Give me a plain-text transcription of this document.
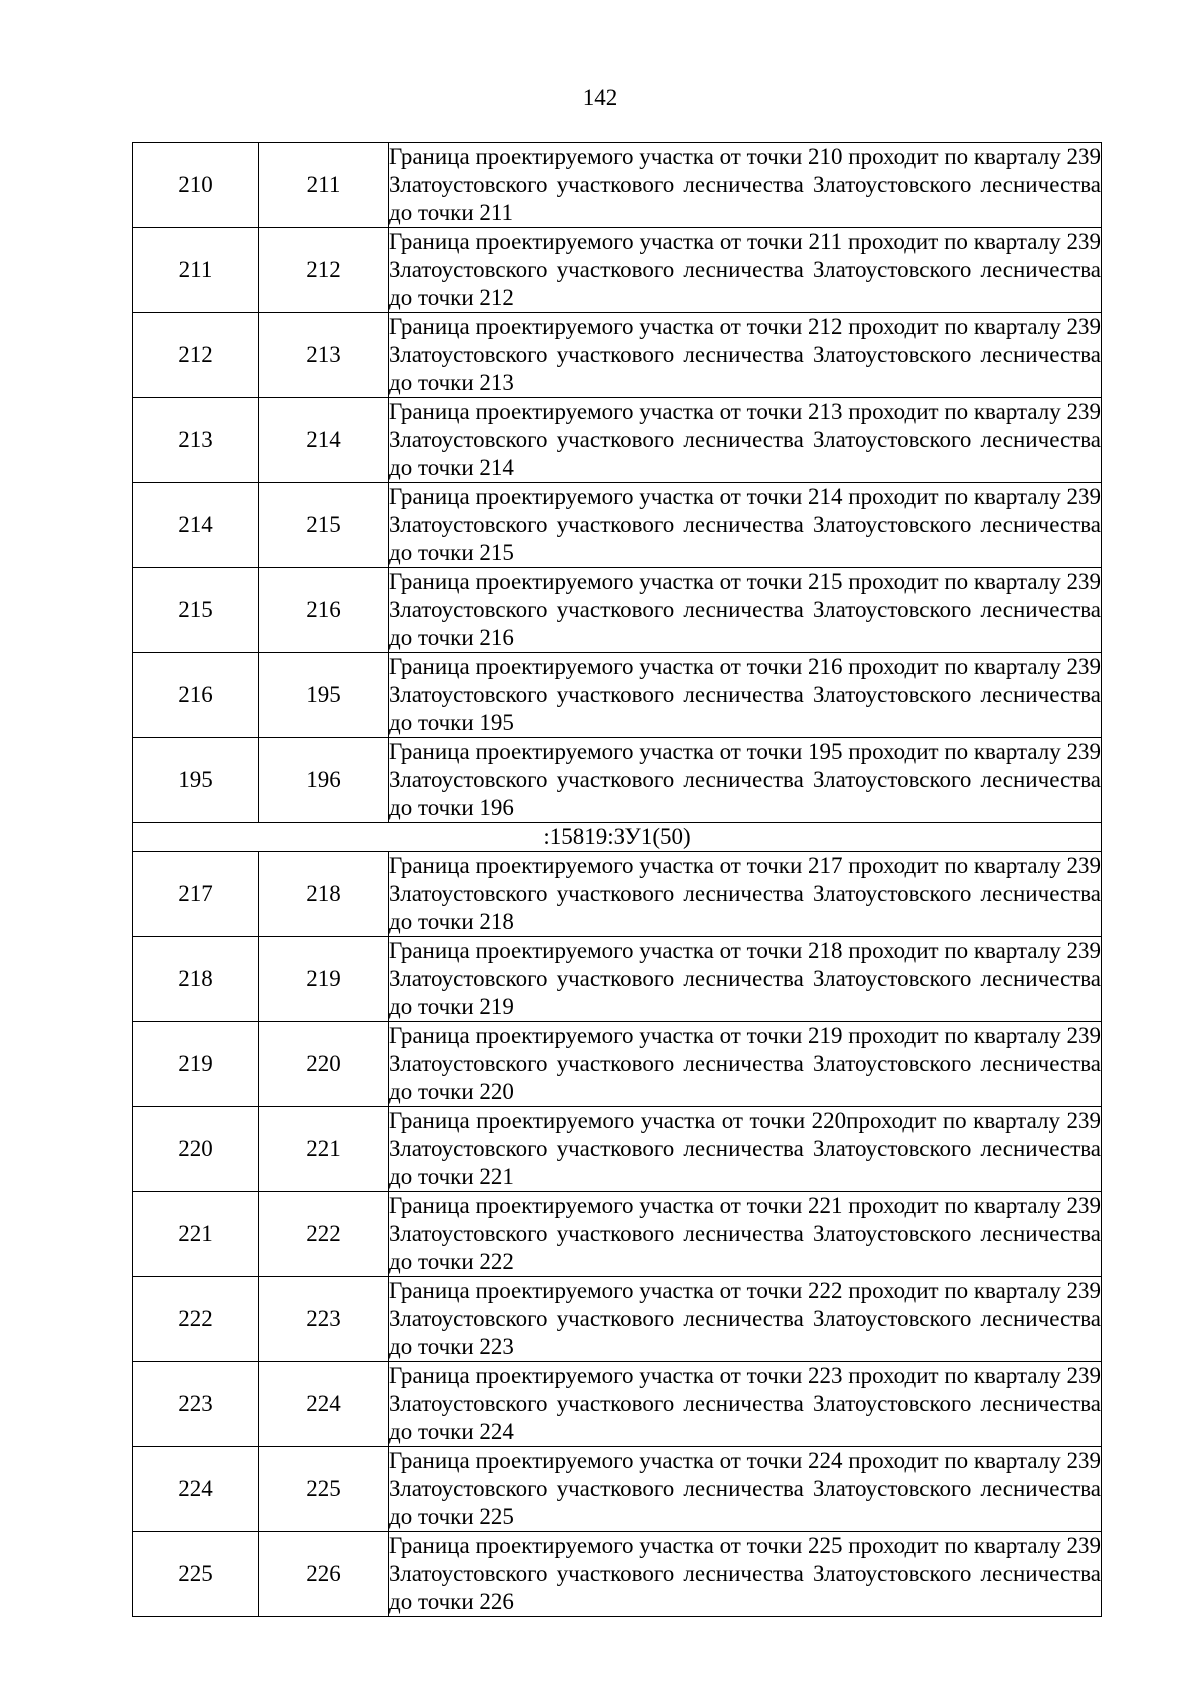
142
210	211	Граница проектируемого участка от точки 210 проходит по кварталу 239 Златоустовского участкового лесничества Златоустовского лесничества до точки 211
211	212	Граница проектируемого участка от точки 211 проходит по кварталу 239 Златоустовского участкового лесничества Златоустовского лесничества до точки 212
212	213	Граница проектируемого участка от точки 212 проходит по кварталу 239 Златоустовского участкового лесничества Златоустовского лесничества до точки 213
213	214	Граница проектируемого участка от точки 213 проходит по кварталу 239 Златоустовского участкового лесничества Златоустовского лесничества до точки 214
214	215	Граница проектируемого участка от точки 214 проходит по кварталу 239 Златоустовского участкового лесничества Златоустовского лесничества до точки 215
215	216	Граница проектируемого участка от точки 215 проходит по кварталу 239 Златоустовского участкового лесничества Златоустовского лесничества до точки 216
216	195	Граница проектируемого участка от точки 216 проходит по кварталу 239 Златоустовского участкового лесничества Златоустовского лесничества до точки 195
195	196	Граница проектируемого участка от точки 195 проходит по кварталу 239 Златоустовского участкового лесничества Златоустовского лесничества до точки 196
:15819:ЗУ1(50)		
217	218	Граница проектируемого участка от точки 217 проходит по кварталу 239 Златоустовского участкового лесничества Златоустовского лесничества до точки 218
218	219	Граница проектируемого участка от точки 218 проходит по кварталу 239 Златоустовского участкового лесничества Златоустовского лесничества до точки 219
219	220	Граница проектируемого участка от точки 219 проходит по кварталу 239 Златоустовского участкового лесничества Златоустовского лесничества до точки 220
220	221	Граница проектируемого участка от точки 220проходит по кварталу 239 Златоустовского участкового лесничества Златоустовского лесничества до точки 221
221	222	Граница проектируемого участка от точки 221 проходит по кварталу 239 Златоустовского участкового лесничества Златоустовского лесничества до точки 222
222	223	Граница проектируемого участка от точки 222 проходит по кварталу 239 Златоустовского участкового лесничества Златоустовского лесничества до точки 223
223	224	Граница проектируемого участка от точки 223 проходит по кварталу 239 Златоустовского участкового лесничества Златоустовского лесничества до точки 224
224	225	Граница проектируемого участка от точки 224 проходит по кварталу 239 Златоустовского участкового лесничества Златоустовского лесничества до точки 225
225	226	Граница проектируемого участка от точки 225 проходит по кварталу 239 Златоустовского участкового лесничества Златоустовского лесничества до точки 226
